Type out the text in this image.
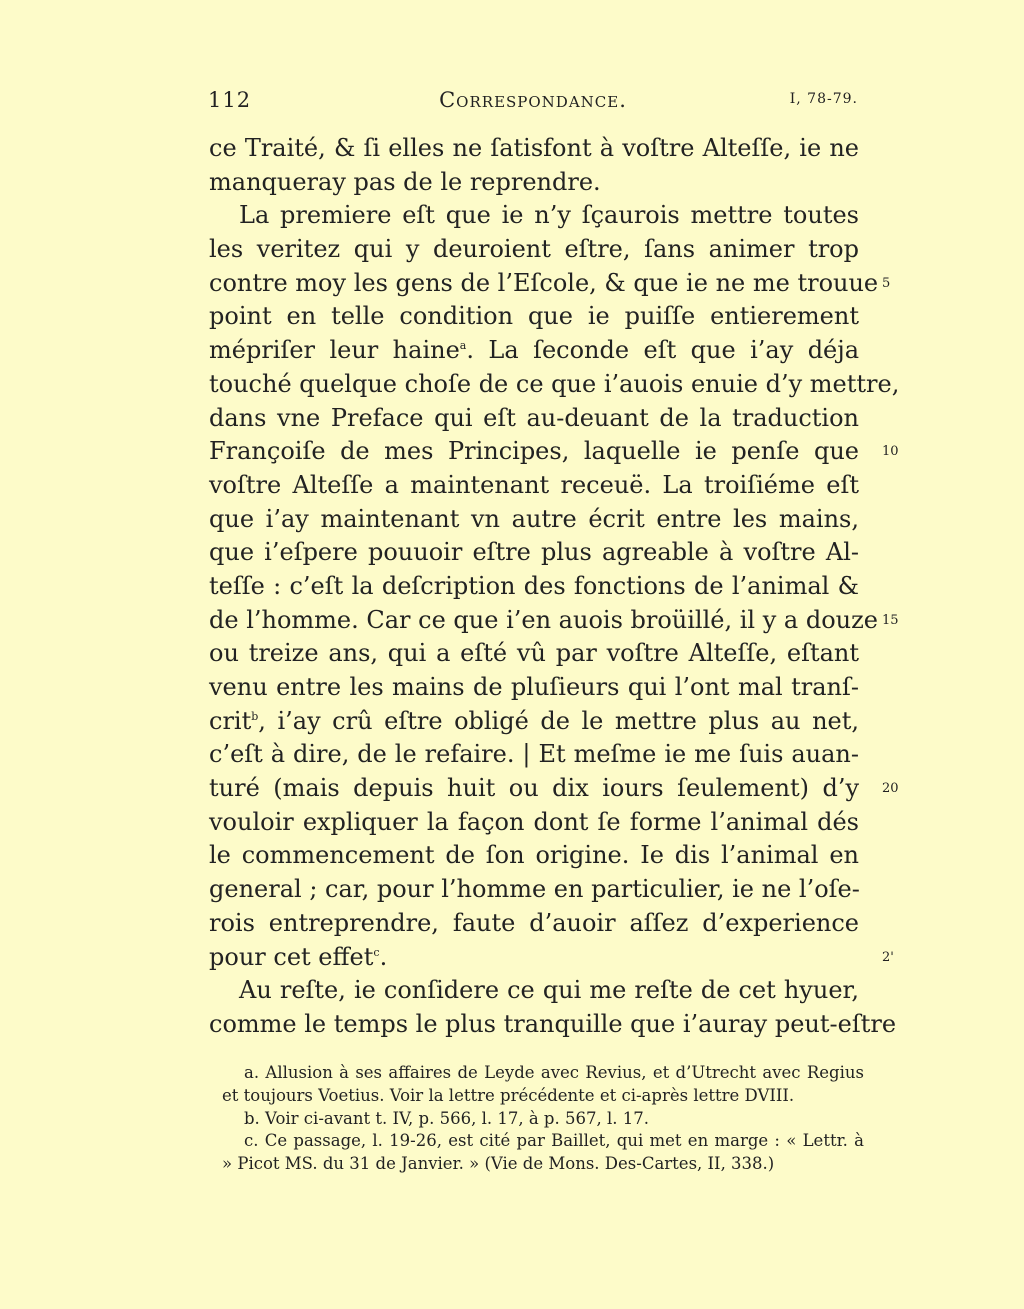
112	Correspondance.	I, 78-79.
ce Traité, & ſi elles ne ſatisfont à voſtre Alteſſe, ie ne
manqueray pas de le reprendre.
La premiere eſt que ie n’y ſçaurois mettre toutes
les veritez qui y deuroient eſtre, ſans animer trop
contre moy les gens de l’Eſcole, & que ie ne me trouue 5
point en telle condition que ie puiſſe entierement
mépriſer leur haine$^a$. La ſeconde eſt que i’ay déja
touché quelque choſe de ce que i’auois enuie d’y mettre,
dans vne Preface qui eſt au-deuant de la traduction
Françoiſe de mes Principes, laquelle ie penſe que 10
voſtre Alteſſe a maintenant receuë. La troiſiéme eſt
que i’ay maintenant vn autre écrit entre les mains,
que i’eſpere pouuoir eſtre plus agreable à voſtre Al-
teſſe : c’eſt la deſcription des fonctions de l’animal &
de l’homme. Car ce que i’en auois broüillé, il y a douze 15
ou treize ans, qui a eſté vû par voſtre Alteſſe, eſtant
venu entre les mains de pluſieurs qui l’ont mal tranſ-
crit$^b$, i’ay crû eſtre obligé de le mettre plus au net,
c’eſt à dire, de le refaire. | Et meſme ie me ſuis auan-
turé (mais depuis huit ou dix iours ſeulement) d’y 20
vouloir expliquer la façon dont ſe forme l’animal dés
le commencement de ſon origine. Ie dis l’animal en
general ; car, pour l’homme en particulier, ie ne l’oſe-
rois entreprendre, faute d’auoir aſſez d’experience
pour cet effet$^c$.	2'
Au reſte, ie conſidere ce qui me reſte de cet hyuer,
comme le temps le plus tranquille que i’auray peut-eſtre
a. Allusion à ses affaires de Leyde avec Revius, et d’Utrecht avec Regius
et toujours Voetius. Voir la lettre précédente et ci-après lettre DVIII.
b. Voir ci-avant t. IV, p. 566, l. 17, à p. 567, l. 17.
c. Ce passage, l. 19-26, est cité par Baillet, qui met en marge : « Lettr. à
» Picot MS. du 31 de Janvier. » (Vie de Mons. Des-Cartes, II, 338.)
